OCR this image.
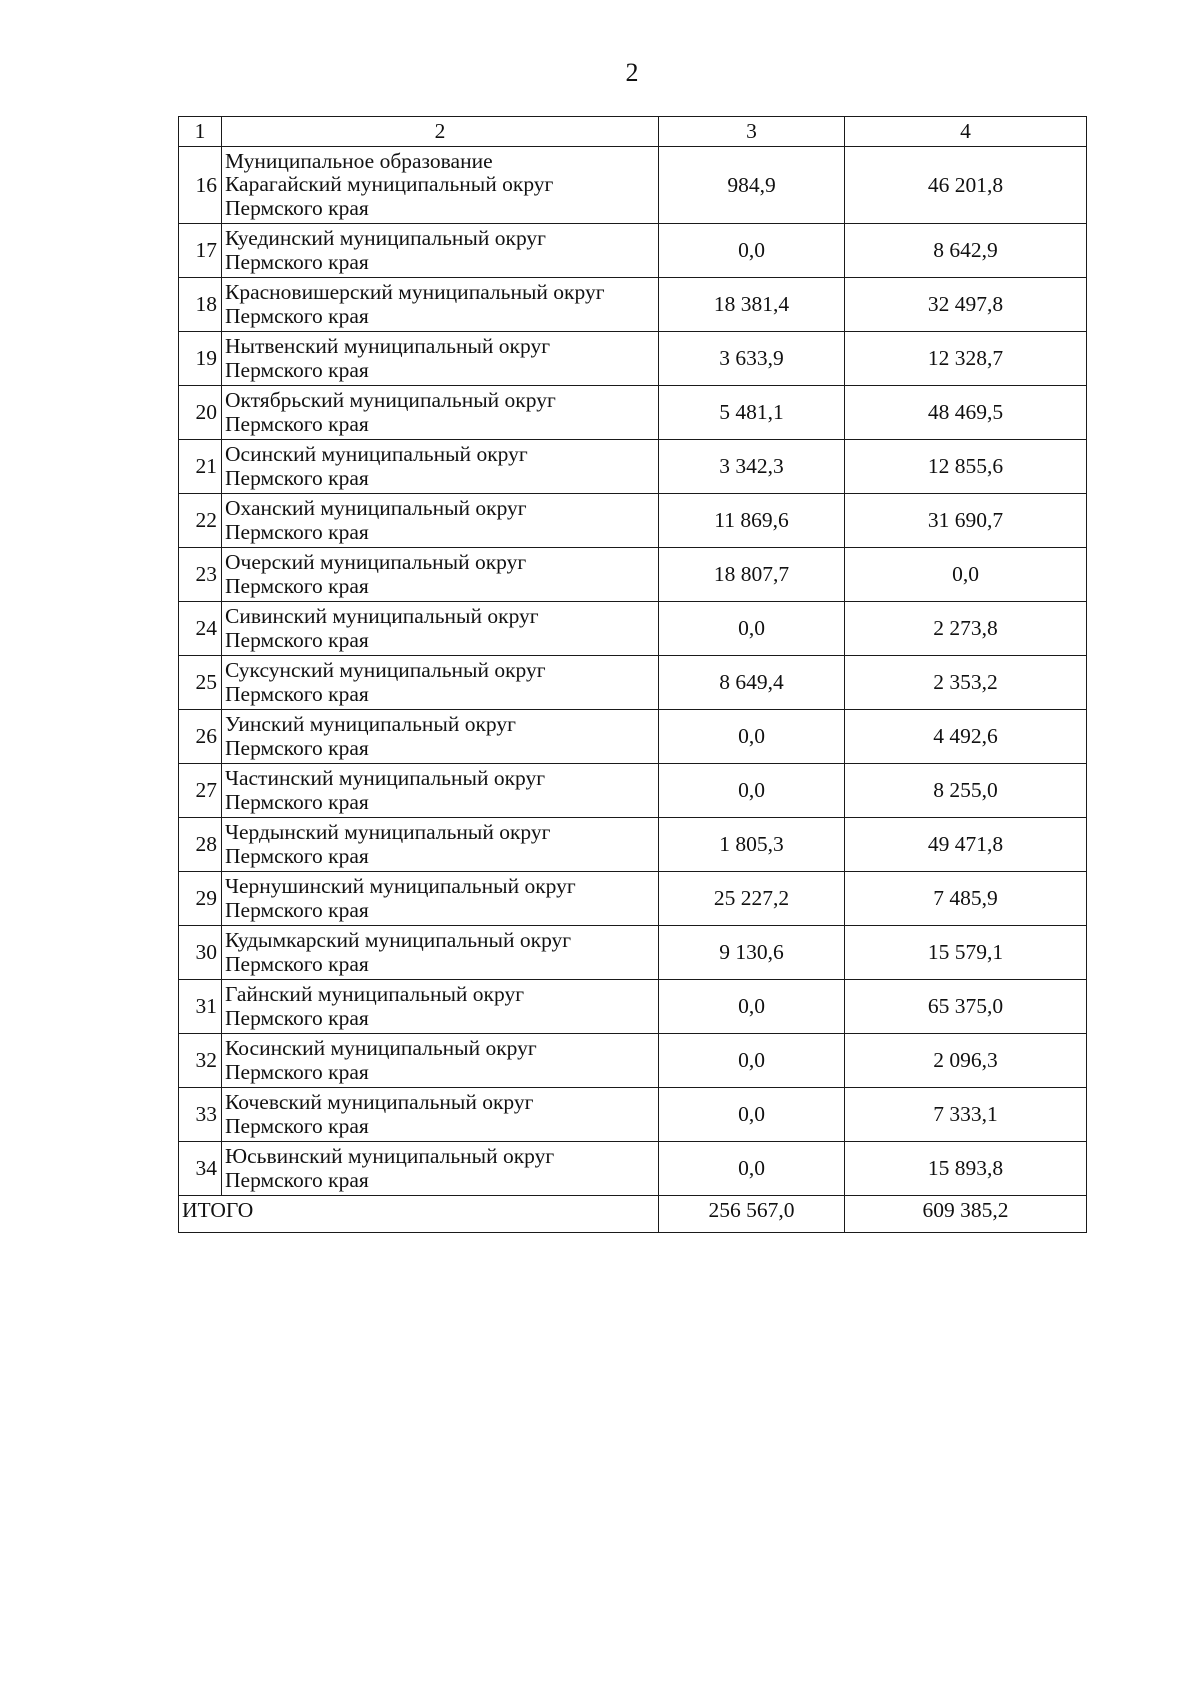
2
1	2	3	4
16	Муниципальное образование
Карагайский муниципальный округ
Пермского края	984,9	46 201,8
17	Куединский муниципальный округ
Пермского края	0,0	8 642,9
18	Красновишерский муниципальный округ
Пермского края	18 381,4	32 497,8
19	Нытвенский муниципальный округ
Пермского края	3 633,9	12 328,7
20	Октябрьский муниципальный округ
Пермского края	5 481,1	48 469,5
21	Осинский муниципальный округ
Пермского края	3 342,3	12 855,6
22	Оханский муниципальный округ
Пермского края	11 869,6	31 690,7
23	Очерский муниципальный округ
Пермского края	18 807,7	0,0
24	Сивинский муниципальный округ
Пермского края	0,0	2 273,8
25	Суксунский муниципальный округ
Пермского края	8 649,4	2 353,2
26	Уинский муниципальный округ
Пермского края	0,0	4 492,6
27	Частинский муниципальный округ
Пермского края	0,0	8 255,0
28	Чердынский муниципальный округ
Пермского края	1 805,3	49 471,8
29	Чернушинский муниципальный округ
Пермского края	25 227,2	7 485,9
30	Кудымкарский муниципальный округ
Пермского края	9 130,6	15 579,1
31	Гайнский муниципальный округ
Пермского края	0,0	65 375,0
32	Косинский муниципальный округ
Пермского края	0,0	2 096,3
33	Кочевский муниципальный округ
Пермского края	0,0	7 333,1
34	Юсьвинский муниципальный округ
Пермского края	0,0	15 893,8
ИТОГО		256 567,0	609 385,2
